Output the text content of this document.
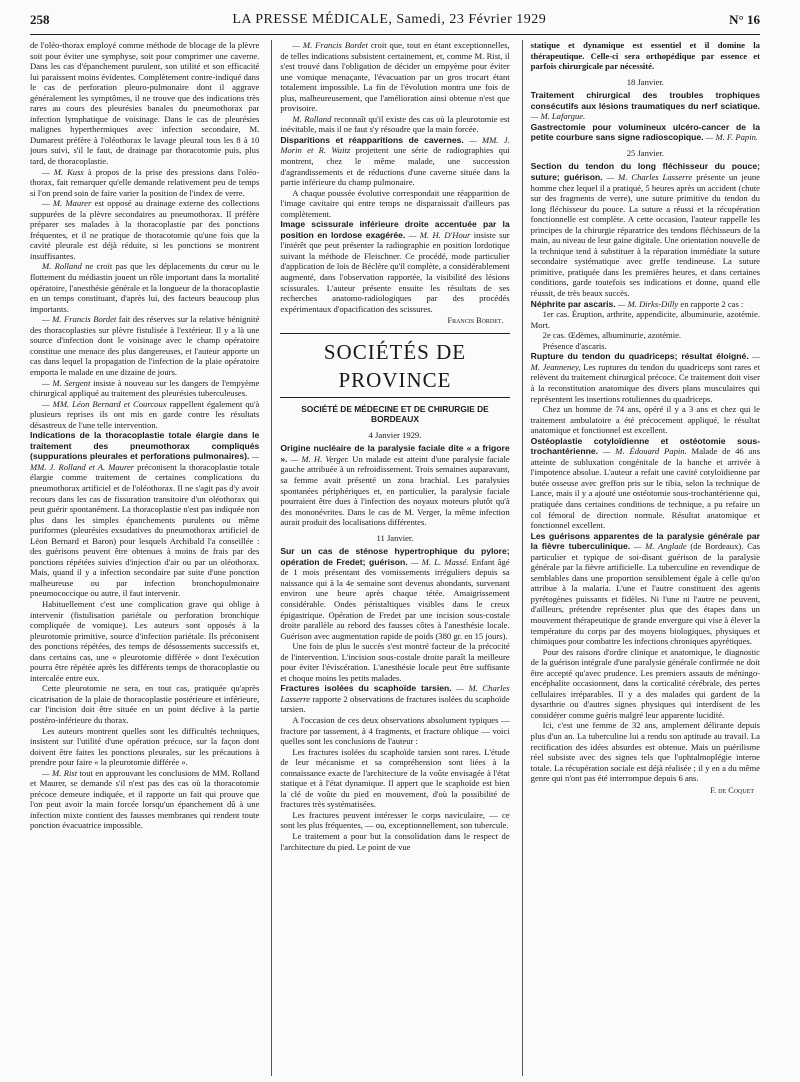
258	LA PRESSE MÉDICALE, Samedi, 23 Février 1929	N° 16

de l'oléo-thorax employé comme méthode de blocage de la plèvre soit pour éviter une symphyse, soit pour comprimer une caverne. Dans les cas d'épanchement purulent, son utilité et son efficacité lui paraissent moins évidentes. Complètement contre-indiqué dans le cas de perforation pleuro-pulmonaire dont il aggrave généralement les symptômes, il ne trouve que des indications très rares au cours des pleurésies banales du pneumothorax par infection lymphatique de voisinage. Dans le cas de pleurésies malignes hyperthermiques avec infection secondaire, M. Dumarest préfère à l'oléothorax le lavage pleural tous les 8 à 10 jours suivi, s'il le faut, de drainage par thoracotomie puis, plus tard, de thoracoplastie.

— M. Kuss à propos de la prise des pressions dans l'oléo-thorax, fait remarquer qu'elle demande relativement peu de temps si l'on prend soin de faire varier la position de l'index de verre.

— M. Maurer est opposé au drainage externe des collections suppurées de la plèvre secondaires au pneumothorax. Il préfère préparer ses malades à la thoracoplastie par des ponctions fréquentes, et il ne pratique de thoracotomie qu'une fois que la cavité pleurale est déjà réduite, si les ponctions se montrent insuffisantes.

M. Rolland ne croit pas que les déplacements du cœur ou le flottement du médiastin jouent un rôle important dans la mortalité opératoire, l'anesthésie générale et la longueur de la thoracoplastie en un temps constituant, d'après lui, des facteurs beaucoup plus importants.

— M. Francis Bordet fait des réserves sur la relative bénignité des thoracoplasties sur plèvre fistulisée à l'extérieur. Il y a là une source d'infection dont le voisinage avec le champ opératoire constitue une menace des plus dangereuses, et l'auteur apporte un cas dans lequel la propagation de l'infection de la plaie opératoire emporta le malade en une dizaine de jours.

— M. Sergent insiste à nouveau sur les dangers de l'empyème chirurgical appliqué au traitement des pleurésies tuberculeuses.

— MM. Léon Bernard et Courcoux rappellent également qu'à plusieurs reprises ils ont mis en garde contre les résultats désastreux de l'une telle intervention.

Indications de la thoracoplastie totale élargie dans le traitement des pneumothorax compliqués (suppurations pleurales et perforations pulmonaires). — MM. J. Rolland et A. Maurer préconisent la thoracoplastie totale élargie comme traitement de certaines complications du pneumothorax artificiel et de l'oléothorax. Il ne s'agit pas d'y avoir recours dans les cas de fissuration transitoire d'un oléothorax qui peut guérir spontanément. La thoracoplastie n'est pas indiquée non plus dans les simples épanchements purulents ou même puriformes (pleurésies exsudatives du pneumothorax artificiel de Léon Bernard et Baron) pour lesquels Archibald l'a conseillée : des guérisons peuvent être obtenues à moins de frais par des ponctions répétées suivies d'injection d'air ou par un oléothorax. Mais, quand il y a infection secondaire par suite d'une ponction malheureuse ou par infection bronchopulmonaire pneumococcique ou autre, il faut intervenir.

Habituellement c'est une complication grave qui oblige à intervenir (fistulisation pariétale ou perforation bronchique compliquée de vomique). Les auteurs sont opposés à la pleurotomie primitive, source d'infection pariétale. Ils préconisent des ponctions répétées, des temps de désossements successifs et, dans certains cas, une « pleurotomie différée » dont l'exécution pourra être répétée après les différents temps de thoracoplastie ou intercalée entre eux.

Cette pleurotomie ne sera, en tout cas, pratiquée qu'après cicatrisation de la plaie de thoracoplastie postérieure et inférieure, car l'incision doit être située en un point déclive à la partie postéro-inférieure du thorax.

Les auteurs montrent quelles sont les difficultés techniques, insistent sur l'utilité d'une opération précoce, sur la façon dont doivent être faites les ponctions pleurales, sur les précautions à prendre pour faire « la pleurotomie différée ».

— M. Rist tout en approuvant les conclusions de MM. Rolland et Maurer, se demande s'il n'est pas des cas où la thoracotomie précoce demeure indiquée, et il rapporte un fait qui prouve que l'on peut avoir la main forcée lorsqu'un épanchement dû à une infection mixte contient des fausses membranes qui rendent toute ponction évacuatrice impossible.

— M. Francis Bordet croit que, tout en étant exceptionnelles, de telles indications subsistent certainement, et, comme M. Rist, il s'est trouvé dans l'obligation de décider un empyème pour éviter une vomique menaçante, l'évacuation par un gros trocart étant totalement impossible. La fin de l'évolution montra une fois de plus, malheureusement, que l'amélioration ainsi obtenue n'est que provisoire.

M. Rolland reconnaît qu'il existe des cas où la pleurotomie est inévitable, mais il ne faut s'y résoudre que la main forcée.

Disparitions et réapparitions de cavernes. — MM. J. Morin et R. Waitz projettent une série de radiographies qui montrent, chez le même malade, une succession d'agrandissements et de réductions d'une caverne située dans la partie inférieure du champ pulmonaire.

A chaque poussée évolutive correspondait une réapparition de l'image cavitaire qui entre temps ne disparaissait d'ailleurs pas complètement.

Image scissurale inférieure droite accentuée par la position en lordose exagérée. — M. H. D'Hour insiste sur l'intérêt que peut présenter la radiographie en position lordotique suivant la méthode de Fleischner. Ce procédé, mode particulier d'application de lois de Béclère qu'il complète, a considérablement augmenté, dans l'observation rapportée, la visibilité des lésions scissurales. L'auteur présente ensuite les résultats de ses recherches anatomo-radiologiques par des procédés expérimentaux d'opacification des scissures.

Francis Bordet.
SOCIÉTÉS DE PROVINCE
SOCIÉTÉ DE MÉDECINE ET DE CHIRURGIE DE BORDEAUX
4 Janvier 1929.

Origine nucléaire de la paralysie faciale dite « a frigore ». — M. H. Verger. Un malade est atteint d'une paralysie faciale gauche attribuée à un refroidissement. Trois semaines auparavant, sa femme avait présenté un zona brachial. Les paralysies spontanées périphériques et, en particulier, la paralysie faciale pourraient être dues à l'infection des noyaux moteurs plutôt qu'à des mononévrites. Dans le cas de M. Verger, la même infection aurait produit des localisations différentes.

11 Janvier.

Sur un cas de sténose hypertrophique du pylore; opération de Fredet; guérison. — M. L. Massé. Enfant âgé de 1 mois présentant des vomissements irréguliers depuis sa naissance qui à la 4e semaine sont devenus abondants, survenant environ une heure après chaque tétée. Amaigrissement considérable. Ondes péristaltiques visibles dans le creux épigastrique. Opération de Fredet par une incision sous-costale droite parallèle au rebord des fausses côtes à l'anesthésie locale. Guérison avec augmentation rapide de poids (380 gr. en 15 jours).

Une fois de plus le succès s'est montré facteur de la précocité de l'intervention. L'incision sous-costale droite paraît la meilleure pour éviter l'éviscération. L'anesthésie locale peut être suffisante et choque moins les petits malades.

Fractures isolées du scaphoïde tarsien. — M. Charles Lasserre rapporte 2 observations de fractures isolées du scaphoïde tarsien.

A l'occasion de ces deux observations absolument typiques — fracture par tassement, à 4 fragments, et fracture oblique — voici quelles sont les conclusions de l'auteur :

Les fractures isolées du scaphoïde tarsien sont rares. L'étude de leur mécanisme et sa compréhension sont liées à la connaissance exacte de l'architecture de la voûte envisagée à l'état statique et à l'état dynamique. Il appert que le scaphoïde est bien la clé de voûte du pied en mouvement, d'où la possibilité de fractures très systématisées.

Les fractures peuvent intéresser le corps naviculaire, — ce sont les plus fréquentes, — ou, exceptionnellement, son tubercule.

Le traitement a pour but la consolidation dans le respect de l'architecture du pied. Le point de vue

statique et dynamique est essentiel et il domine la thérapeutique. Celle-ci sera orthopédique par essence et parfois chirurgicale par nécessité.

18 Janvier.

Traitement chirurgical des troubles trophiques consécutifs aux lésions traumatiques du nerf sciatique. — M. Lafargue.

Gastrectomie pour volumineux ulcéro-cancer de la petite courbure sans signe radioscopique. — M. F. Papin.

25 Janvier.

Section du tendon du long fléchisseur du pouce; suture; guérison. — M. Charles Lasserre présente un jeune homme chez lequel il a pratiqué, 5 heures après un accident (chute sur des fragments de verre), une suture primitive du tendon du long fléchisseur du pouce. La suture a réussi et la récupération fonctionnelle est complète. A cette occasion, l'auteur rappelle les principes de la chirurgie réparatrice des tendons fléchisseurs de la main, au niveau de leur gaine digitale. Une orientation nouvelle de la technique tend à substituer à la réparation immédiate la suture secondaire systématique avec greffe tendineuse. La suture primitive, pratiquée dans les premières heures, et dans certaines conditions, garde toutefois ses indications et donne, quand elle réussit, de très beaux succès.

Néphrite par ascaris. — M. Dirks-Dilly en rapporte 2 cas :

1er cas. Éruption, arthrite, appendicite, albuminurie, azotémie. Mort.

2e cas. Œdèmes, albuminurie, azotémie.

Présence d'ascaris.

Rupture du tendon du quadriceps; résultat éloigné. — M. Jeanneney, Les ruptures du tendon du quadriceps sont rares et relèvent du traitement chirurgical précoce. Ce traitement doit viser à la reconstitution anatomique des divers plans musculaires qui représentent les insertions rotuliennes du quadriceps.

Chez un homme de 74 ans, opéré il y a 3 ans et chez qui le traitement ambulatoire a été précocement appliqué, le résultat anatomique et fonctionnel est excellent.

Ostéoplastie cotyloïdienne et ostéotomie sous-trochantérienne. — M. Édouard Papin. Malade de 46 ans atteinte de subluxation congénitale de la hanche et arrivée à l'impotence absolue. L'auteur a refait une cavité cotyloïdienne par butée osseuse avec greffon pris sur le tibia, selon la technique de Lance, mais il y a ajouté une ostéotomie sous-trochantérienne qui, pratiquée dans certaines conditions de technique, a pu refaire un col fémoral de direction normale. Résultat anatomique et fonctionnel excellent.

Les guérisons apparentes de la paralysie générale par la fièvre tuberculinique. — M. Anglade (de Bordeaux). Cas particulier et typique de soi-disant guérison de la paralysie générale par la fièvre artificielle. La tuberculine en revendique de semblables dans une proportion sensiblement égale à celle qu'on attribue à la malaria. L'une et l'autre constituent des agents pyrétogènes puissants et fidèles. Ni l'une ni l'autre ne peuvent, d'ailleurs, prétendre représenter plus que des étapes dans un mouvement thérapeutique de grande envergure qui vise à élever la température du corps par des moyens biologiques, physiques et chimiques pour combattre les infections chroniques apyrétiques.

Pour des raisons d'ordre clinique et anatomique, le diagnostic de la guérison intégrale d'une paralysie générale confirmée ne doit être accepté qu'avec prudence. Les premiers assauts de méningo-encéphalite occasionnent, dans la corticalité cérébrale, des pertes cellulaires irréparables. Il y a des malades qui gardent de la dysarthrie ou d'autres signes physiques qui interdisent de les considérer comme guéris malgré leur apparente lucidité.

Ici, c'est une femme de 32 ans, amplement délirante depuis plus d'un an. La tuberculine lui a rendu son aptitude au travail. La rectification des idées absurdes est obtenue. Mais un puérilisme réel subsiste avec des signes tels que l'ophtalmoplégie interne totale. La récupération sociale est déjà réalisée ; il y en a du même genre qui n'ont pas été interrompue depuis 6 ans.

F. de Coquet
